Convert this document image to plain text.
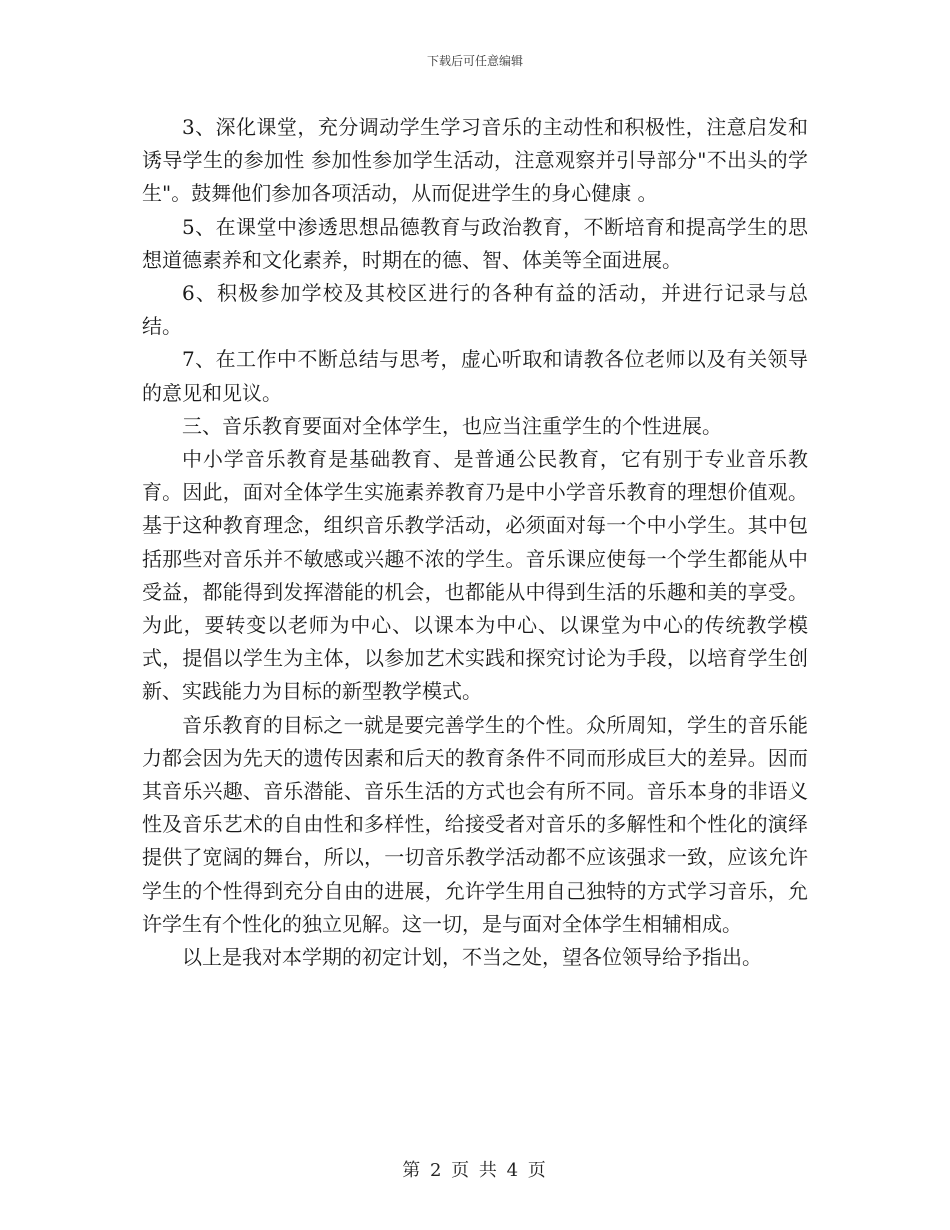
下载后可任意编辑

3、深化课堂，充分调动学生学习音乐的主动性和积极性，注意启发和诱导学生的参加性 参加性参加学生活动，注意观察并引导部分"不出头的学生"。鼓舞他们参加各项活动，从而促进学生的身心健康 。

5、在课堂中渗透思想品德教育与政治教育，不断培育和提高学生的思想道德素养和文化素养，时期在的德、智、体美等全面进展。

6、积极参加学校及其校区进行的各种有益的活动，并进行记录与总结。

7、在工作中不断总结与思考，虚心听取和请教各位老师以及有关领导的意见和见议。

三、音乐教育要面对全体学生，也应当注重学生的个性进展。

中小学音乐教育是基础教育、是普通公民教育，它有别于专业音乐教育。因此，面对全体学生实施素养教育乃是中小学音乐教育的理想价值观。基于这种教育理念，组织音乐教学活动，必须面对每一个中小学生。其中包括那些对音乐并不敏感或兴趣不浓的学生。音乐课应使每一个学生都能从中受益，都能得到发挥潜能的机会，也都能从中得到生活的乐趣和美的享受。为此，要转变以老师为中心、以课本为中心、以课堂为中心的传统教学模式，提倡以学生为主体，以参加艺术实践和探究讨论为手段，以培育学生创新、实践能力为目标的新型教学模式。

音乐教育的目标之一就是要完善学生的个性。众所周知，学生的音乐能力都会因为先天的遗传因素和后天的教育条件不同而形成巨大的差异。因而其音乐兴趣、音乐潜能、音乐生活的方式也会有所不同。音乐本身的非语义性及音乐艺术的自由性和多样性，给接受者对音乐的多解性和个性化的演绎提供了宽阔的舞台，所以，一切音乐教学活动都不应该强求一致，应该允许学生的个性得到充分自由的进展，允许学生用自己独特的方式学习音乐，允许学生有个性化的独立见解。这一切，是与面对全体学生相辅相成。

以上是我对本学期的初定计划，不当之处，望各位领导给予指出。

第 2 页 共 4 页
